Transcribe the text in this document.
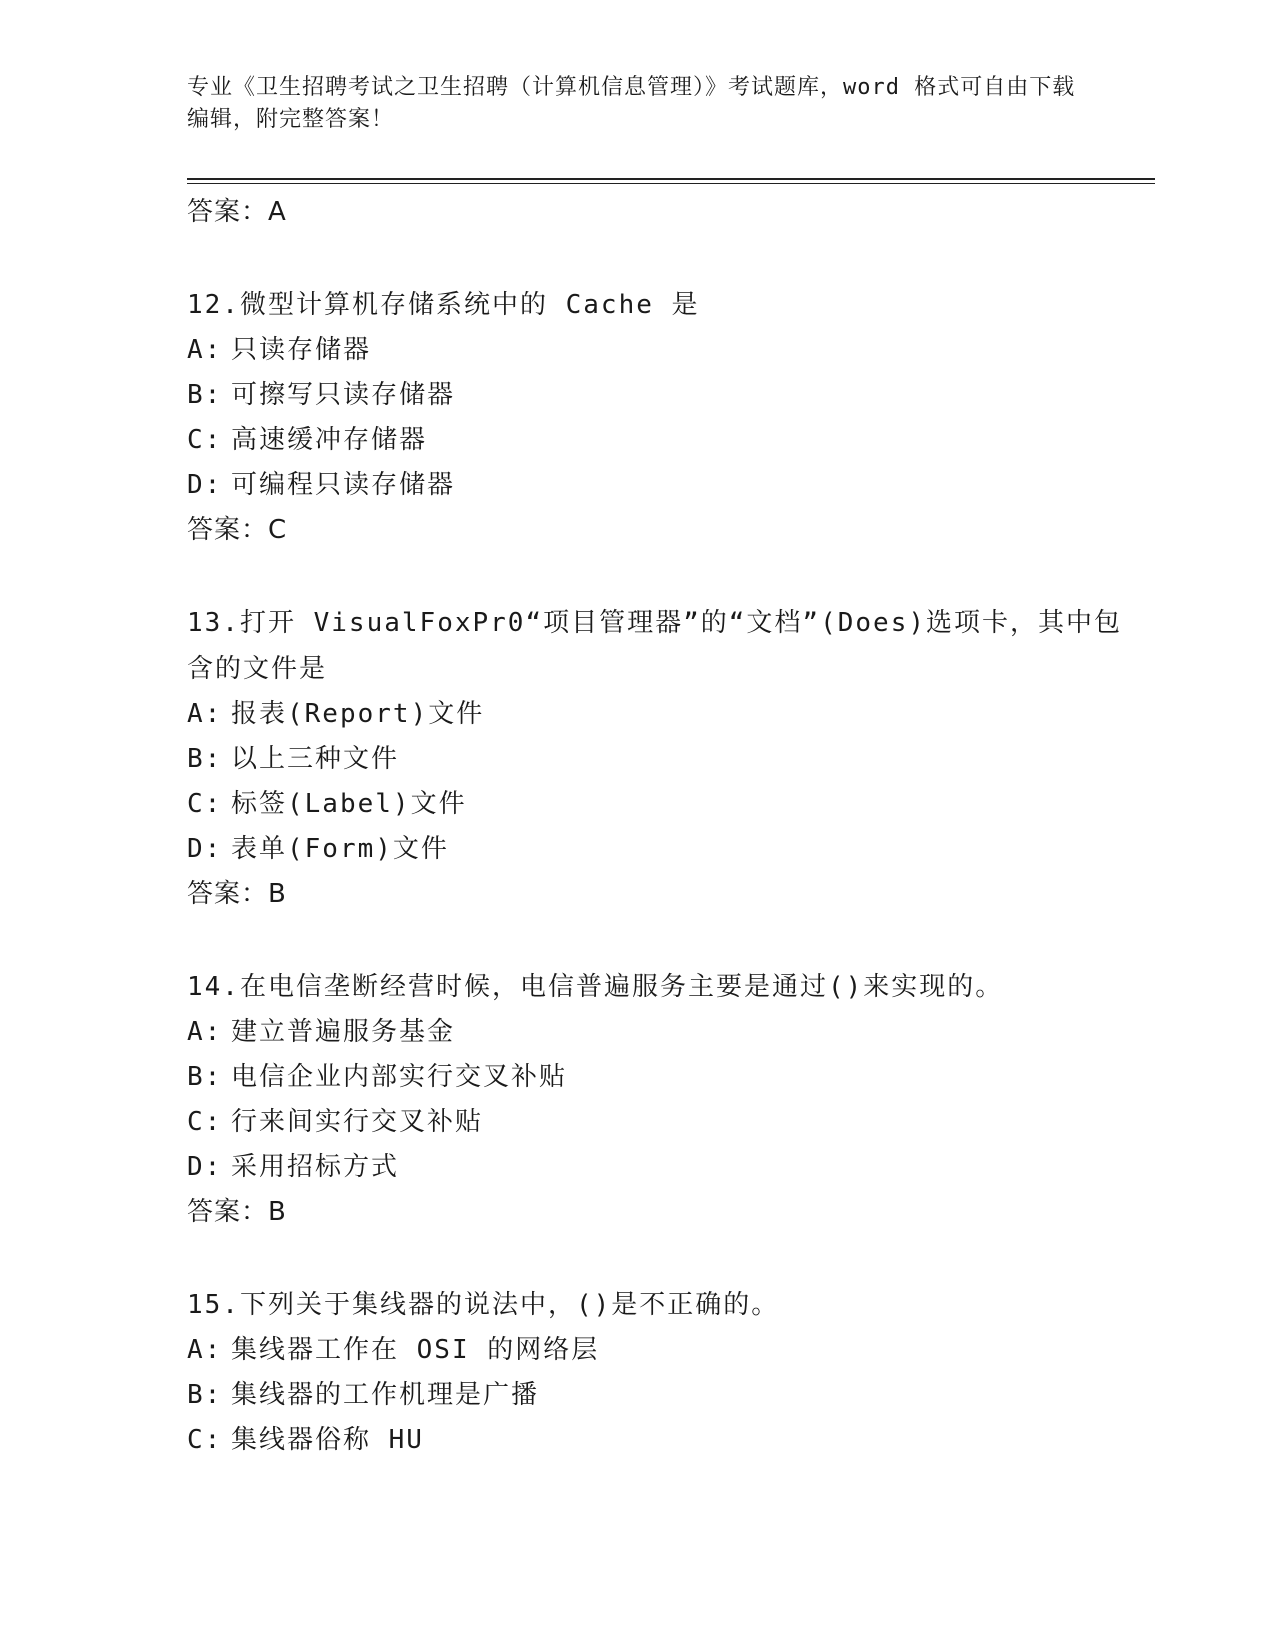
专业《卫生招聘考试之卫生招聘（计算机信息管理）》考试题库，word 格式可自由下载编辑，附完整答案！
答案：A
12.微型计算机存储系统中的 Cache 是
A: 只读存储器
B: 可擦写只读存储器
C: 高速缓冲存储器
D: 可编程只读存储器
答案：C
13.打开 VisualFoxPr0“项目管理器”的“文档”(Does)选项卡，其中包含的文件是
A: 报表(Report)文件
B: 以上三种文件
C: 标签(Label)文件
D: 表单(Form)文件
答案：B
14.在电信垄断经营时候，电信普遍服务主要是通过()来实现的。
A: 建立普遍服务基金
B: 电信企业内部实行交叉补贴
C: 行来间实行交叉补贴
D: 采用招标方式
答案：B
15.下列关于集线器的说法中，()是不正确的。
A: 集线器工作在 OSI 的网络层
B: 集线器的工作机理是广播
C: 集线器俗称 HU
